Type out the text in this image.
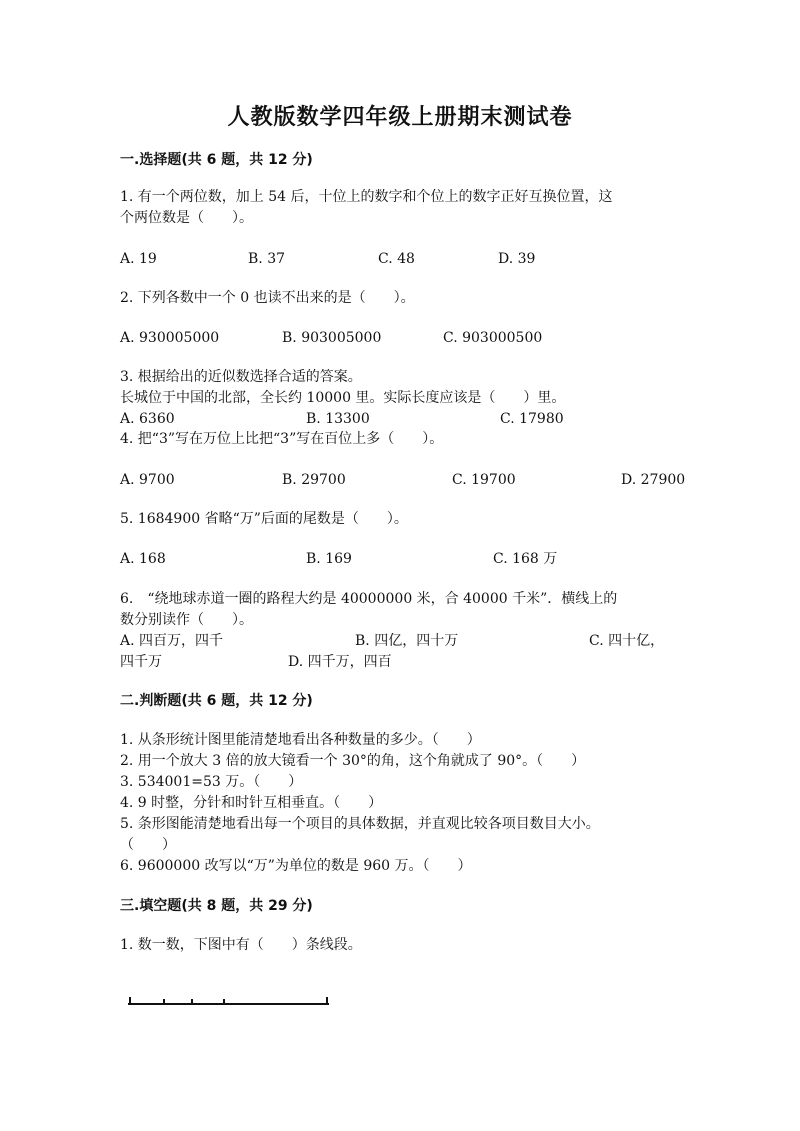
人教版数学四年级上册期末测试卷
一.选择题(共 6 题，共 12 分)
1. 有一个两位数，加上 54 后，十位上的数字和个位上的数字正好互换位置，这
个两位数是（　　）。
A. 19	B. 37	C. 48	D. 39
2. 下列各数中一个 0 也读不出来的是（　　）。
A. 930005000	B. 903005000	C. 903000500
3. 根据给出的近似数选择合适的答案。
长城位于中国的北部，全长约 10000 里。实际长度应该是（　　）里。
A. 6360	B. 13300	C. 17980
4. 把“3”写在万位上比把“3”写在百位上多（　　）。
A. 9700	B. 29700	C. 19700	D. 27900
5. 1684900 省略“万”后面的尾数是（　　）。
A. 168	B. 169	C. 168 万
6.　“绕地球赤道一圈的路程大约是 40000000 米，合 40000 千米”．横线上的
数分别读作（　　）。
A. 四百万，四千	B. 四亿，四十万	C. 四十亿，
四千万	D. 四千万，四百
二.判断题(共 6 题，共 12 分)
1. 从条形统计图里能清楚地看出各种数量的多少。（　　）
2. 用一个放大 3 倍的放大镜看一个 30°的角，这个角就成了 90°。（　　）
3. 534001=53 万。（　　）
4. 9 时整，分针和时针互相垂直。（　　）
5. 条形图能清楚地看出每一个项目的具体数据，并直观比较各项目数目大小。
（　　）
6. 9600000 改写以“万”为单位的数是 960 万。（　　）
三.填空题(共 8 题，共 29 分)
1. 数一数，下图中有（　　）条线段。
